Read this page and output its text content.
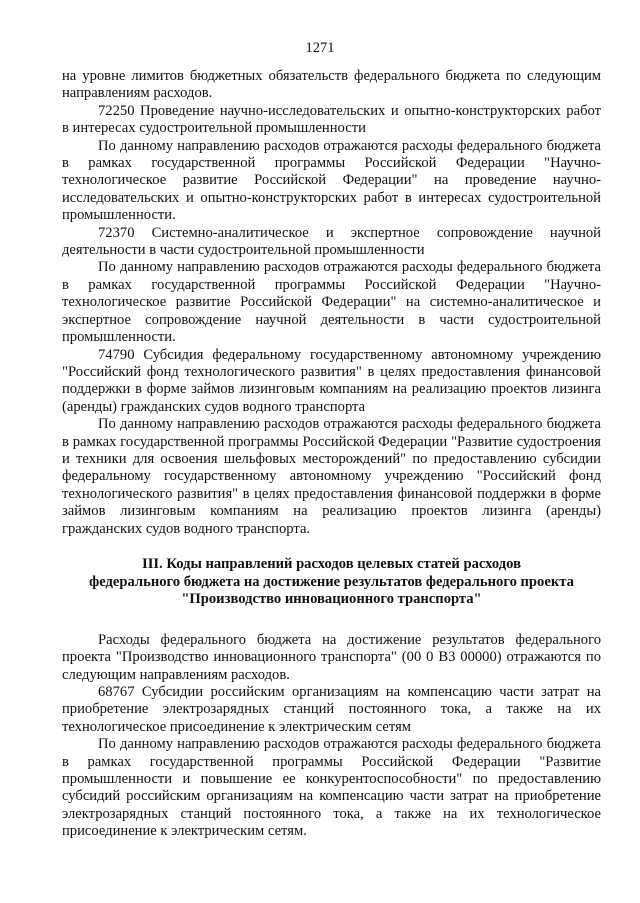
1271

на уровне лимитов бюджетных обязательств федерального бюджета по следующим направлениям расходов.

72250 Проведение научно-исследовательских и опытно-конструкторских работ в интересах судостроительной промышленности

По данному направлению расходов отражаются расходы федерального бюджета в рамках государственной программы Российской Федерации "Научно-технологическое развитие Российской Федерации" на проведение научно-исследовательских и опытно-конструкторских работ в интересах судостроительной промышленности.

72370 Системно-аналитическое и экспертное сопровождение научной деятельности в части судостроительной промышленности

По данному направлению расходов отражаются расходы федерального бюджета в рамках государственной программы Российской Федерации "Научно-технологическое развитие Российской Федерации" на системно-аналитическое и экспертное сопровождение научной деятельности в части судостроительной промышленности.

74790 Субсидия федеральному государственному автономному учреждению "Российский фонд технологического развития" в целях предоставления финансовой поддержки в форме займов лизинговым компаниям на реализацию проектов лизинга (аренды) гражданских судов водного транспорта

По данному направлению расходов отражаются расходы федерального бюджета в рамках государственной программы Российской Федерации "Развитие судостроения и техники для освоения шельфовых месторождений" по предоставлению субсидии федеральному государственному автономному учреждению "Российский фонд технологического развития" в целях предоставления финансовой поддержки в форме займов лизинговым компаниям на реализацию проектов лизинга (аренды) гражданских судов водного транспорта.

III. Коды направлений расходов целевых статей расходов
федерального бюджета на достижение результатов федерального проекта
"Производство инновационного транспорта"

Расходы федерального бюджета на достижение результатов федерального проекта "Производство инновационного транспорта" (00 0 В3 00000) отражаются по следующим направлениям расходов.

68767 Субсидии российским организациям на компенсацию части затрат на приобретение электрозарядных станций постоянного тока, а также на их технологическое присоединение к электрическим сетям

По данному направлению расходов отражаются расходы федерального бюджета в рамках государственной программы Российской Федерации "Развитие промышленности и повышение ее конкурентоспособности" по предоставлению субсидий российским организациям на компенсацию части затрат на приобретение электрозарядных станций постоянного тока, а также на их технологическое присоединение к электрическим сетям.
